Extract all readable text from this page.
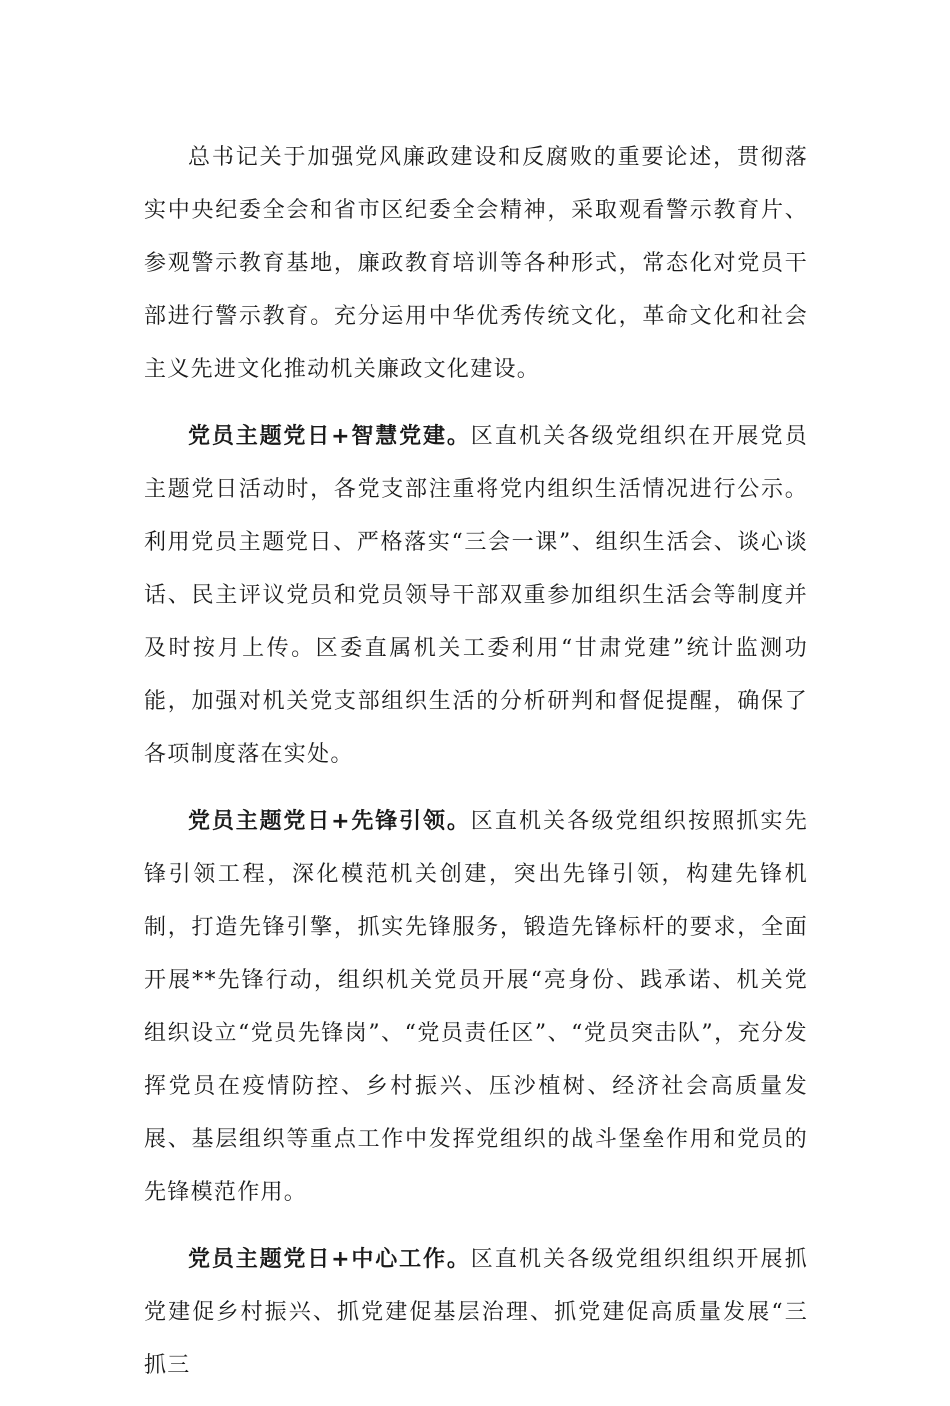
总书记关于加强党风廉政建设和反腐败的重要论述，贯彻落实中央纪委全会和省市区纪委全会精神，采取观看警示教育片、参观警示教育基地，廉政教育培训等各种形式，常态化对党员干部进行警示教育。充分运用中华优秀传统文化，革命文化和社会主义先进文化推动机关廉政文化建设。

党员主题党日+智慧党建。区直机关各级党组织在开展党员主题党日活动时，各党支部注重将党内组织生活情况进行公示。利用党员主题党日、严格落实“三会一课”、组织生活会、谈心谈话、民主评议党员和党员领导干部双重参加组织生活会等制度并及时按月上传。区委直属机关工委利用“甘肃党建”统计监测功能，加强对机关党支部组织生活的分析研判和督促提醒，确保了各项制度落在实处。

党员主题党日+先锋引领。区直机关各级党组织按照抓实先锋引领工程，深化模范机关创建，突出先锋引领，构建先锋机制，打造先锋引擎，抓实先锋服务，锻造先锋标杆的要求，全面开展**先锋行动，组织机关党员开展“亮身份、践承诺、机关党组织设立“党员先锋岗”、“党员责任区”、“党员突击队”，充分发挥党员在疫情防控、乡村振兴、压沙植树、经济社会高质量发展、基层组织等重点工作中发挥党组织的战斗堡垒作用和党员的先锋模范作用。

党员主题党日+中心工作。区直机关各级党组织组织开展抓党建促乡村振兴、抓党建促基层治理、抓党建促高质量发展“三抓三
